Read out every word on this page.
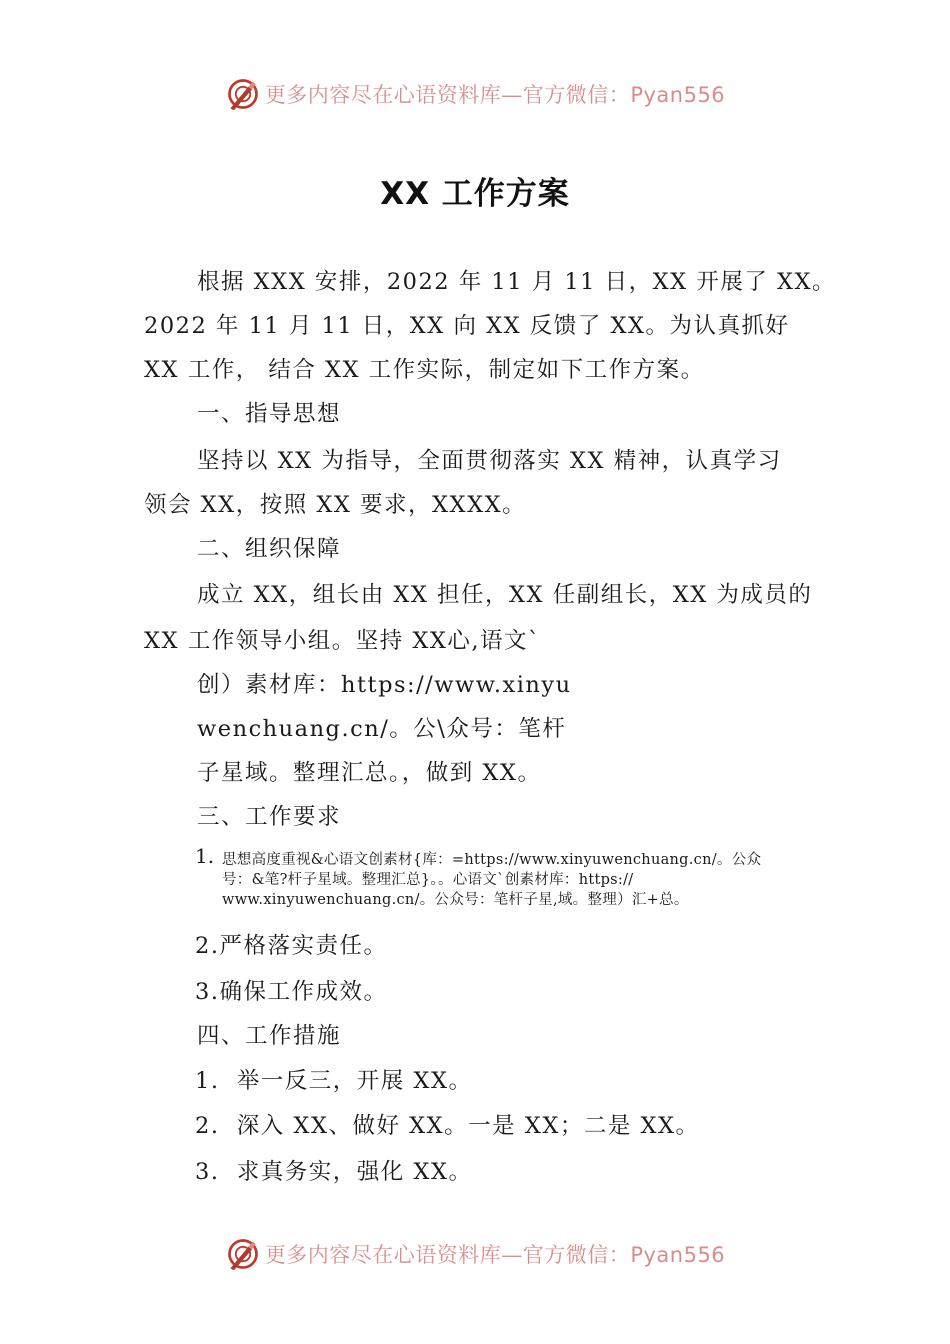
更多内容尽在心语资料库—官方微信：Pyan556
XX 工作方案
根据 XXX 安排，2022 年 11 月 11 日，XX 开展了 XX。
2022 年 11 月 11 日，XX 向 XX 反馈了 XX。为认真抓好
XX 工作， 结合 XX 工作实际，制定如下工作方案。
一、指导思想
坚持以 XX 为指导，全面贯彻落实 XX 精神，认真学习
领会 XX，按照 XX 要求，XXXX。
二、组织保障
成立 XX，组长由 XX 担任，XX 任副组长，XX 为成员的
XX 工作领导小组。坚持 XX心,语文`
创）素材库：https://www.xinyu
wenchuang.cn/。公\众号：笔杆
子星域。整理汇总。，做到 XX。
三、工作要求
1. 思想高度重视&心语文创素材{库：=https://www.xinyuwenchuang.cn/。公众
号：&笔?杆子星域。整理汇总}。。心语文`创素材库：https://
www.xinyuwenchuang.cn/。公众号：笔杆子星,域。整理）汇+总。
2.严格落实责任。
3.确保工作成效。
四、工作措施
1.  举一反三，开展 XX。
2.  深入 XX、做好 XX。一是 XX；二是 XX。
3.  求真务实，强化 XX。
更多内容尽在心语资料库—官方微信：Pyan556
